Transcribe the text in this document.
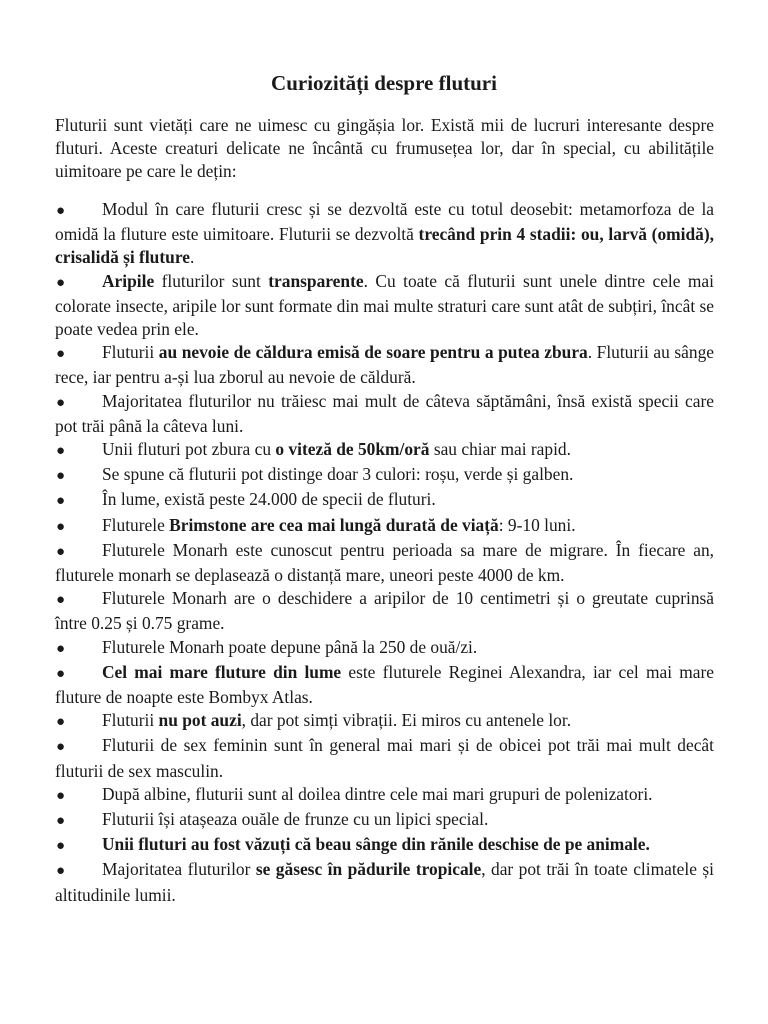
Curiozități despre fluturi

Fluturii sunt vietăți care ne uimesc cu gingășia lor. Există mii de lucruri interesante despre fluturi. Aceste creaturi delicate ne încântă cu frumusețea lor, dar în special, cu abilitățile uimitoare pe care le dețin:

● Modul în care fluturii cresc și se dezvoltă este cu totul deosebit: metamorfoza de la omidă la fluture este uimitoare. Fluturii se dezvoltă trecând prin 4 stadii: ou, larvă (omidă), crisalidă și fluture.
● Aripile fluturilor sunt transparente. Cu toate că fluturii sunt unele dintre cele mai colorate insecte, aripile lor sunt formate din mai multe straturi care sunt atât de subțiri, încât se poate vedea prin ele.
● Fluturii au nevoie de căldura emisă de soare pentru a putea zbura. Fluturii au sânge rece, iar pentru a-și lua zborul au nevoie de căldură.
● Majoritatea fluturilor nu trăiesc mai mult de câteva săptămâni, însă există specii care pot trăi până la câteva luni.
● Unii fluturi pot zbura cu o viteză de 50km/oră sau chiar mai rapid.
● Se spune că fluturii pot distinge doar 3 culori: roșu, verde și galben.
● În lume, există peste 24.000 de specii de fluturi.
● Fluturele Brimstone are cea mai lungă durată de viață: 9-10 luni.
● Fluturele Monarh este cunoscut pentru perioada sa mare de migrare. În fiecare an, fluturele monarh se deplasează o distanță mare, uneori peste 4000 de km.
● Fluturele Monarh are o deschidere a aripilor de 10 centimetri și o greutate cuprinsă între 0.25 și 0.75 grame.
● Fluturele Monarh poate depune până la 250 de ouă/zi.
● Cel mai mare fluture din lume este fluturele Reginei Alexandra, iar cel mai mare fluture de noapte este Bombyx Atlas.
● Fluturii nu pot auzi, dar pot simți vibrații. Ei miros cu antenele lor.
● Fluturii de sex feminin sunt în general mai mari și de obicei pot trăi mai mult decât fluturii de sex masculin.
● După albine, fluturii sunt al doilea dintre cele mai mari grupuri de polenizatori.
● Fluturii își atașeaza ouăle de frunze cu un lipici special.
● Unii fluturi au fost văzuți că beau sânge din rănile deschise de pe animale.
● Majoritatea fluturilor se găsesc în pădurile tropicale, dar pot trăi în toate climatele și altitudinile lumii.
